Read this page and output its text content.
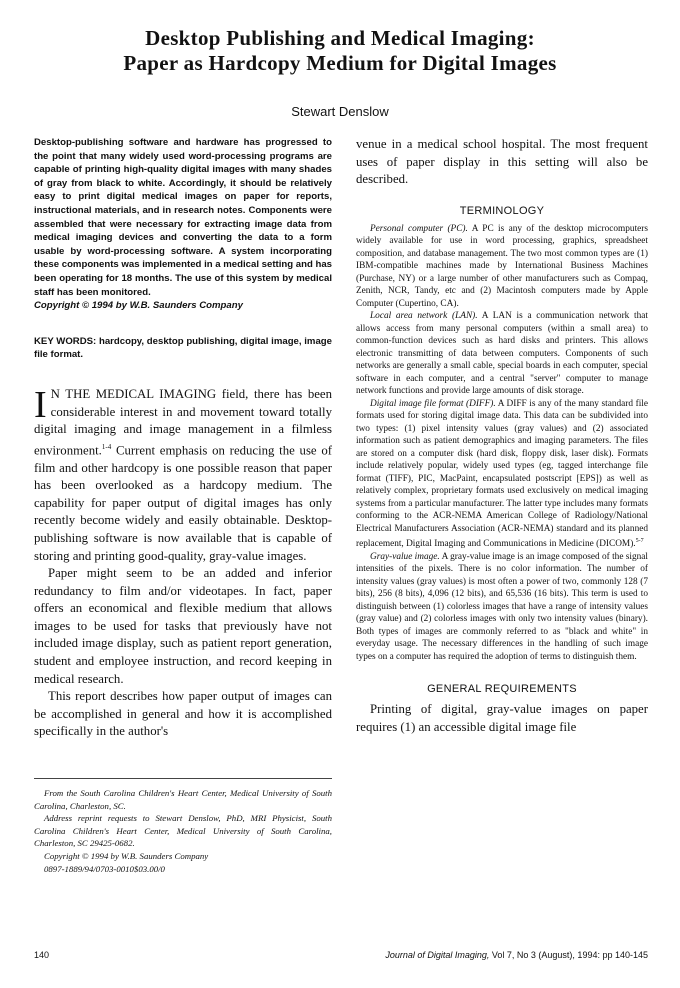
Desktop Publishing and Medical Imaging:
Paper as Hardcopy Medium for Digital Images
Stewart Denslow

Desktop-publishing software and hardware has progressed to the point that many widely used word-processing programs are capable of printing high-quality digital images with many shades of gray from black to white. Accordingly, it should be relatively easy to print digital medical images on paper for reports, instructional materials, and in research notes. Components were assembled that were necessary for extracting image data from medical imaging devices and converting the data to a form usable by word-processing software. A system incorporating these components was implemented in a medical setting and has been operating for 18 months. The use of this system by medical staff has been monitored.
Copyright © 1994 by W.B. Saunders Company

KEY WORDS: hardcopy, desktop publishing, digital image, image file format.

I N THE MEDICAL IMAGING field, there has been considerable interest in and movement toward totally digital imaging and image management in a filmless environment.$^{1-4}$ Current emphasis on reducing the use of film and other hardcopy is one possible reason that paper has been overlooked as a hardcopy medium. The capability for paper output of digital images has only recently become widely and easily obtainable. Desktop-publishing software is now available that is capable of storing and printing good-quality, gray-value images.

Paper might seem to be an added and inferior redundancy to film and/or videotapes. In fact, paper offers an economical and flexible medium that allows images to be used for tasks that previously have not included image display, such as patient report generation, student and employee instruction, and record keeping in medical research.

This report describes how paper output of images can be accomplished in general and how it is accomplished specifically in the author's

From the South Carolina Children's Heart Center, Medical University of South Carolina, Charleston, SC.

Address reprint requests to Stewart Denslow, PhD, MRI Physicist, South Carolina Children's Heart Center, Medical University of South Carolina, Charleston, SC 29425-0682.

Copyright © 1994 by W.B. Saunders Company

0897-1889/94/0703-0010$03.00/0

venue in a medical school hospital. The most frequent uses of paper display in this setting will also be described.

TERMINOLOGY

Personal computer (PC). A PC is any of the desktop microcomputers widely available for use in word processing, graphics, spreadsheet composition, and database management. The two most common types are (1) IBM-compatible machines made by International Business Machines (Purchase, NY) or a large number of other manufacturers such as Compaq, Zenith, NCR, Tandy, etc and (2) Macintosh computers made by Apple Computer (Cupertino, CA).

Local area network (LAN). A LAN is a communication network that allows access from many personal computers (within a small area) to common-function devices such as hard disks and printers. This allows electronic transmitting of data between computers. Components of such networks are generally a small cable, special boards in each computer, special software in each computer, and a central "server" computer to manage network functions and provide large amounts of disk storage.

Digital image file format (DIFF). A DIFF is any of the many standard file formats used for storing digital image data. This data can be subdivided into two types: (1) pixel intensity values (gray values) and (2) associated information such as patient demographics and imaging parameters. The files are stored on a computer disk (hard disk, floppy disk, laser disk). Formats include relatively popular, widely used types (eg, tagged interchange file format (TIFF), PIC, MacPaint, encapsulated postscript [EPS]) as well as relatively complex, proprietary formats used exclusively on medical imaging systems from a particular manufacturer. The latter type includes many formats conforming to the ACR-NEMA American College of Radiology/National Electrical Manufacturers Association (ACR-NEMA) standard and its planned replacement, Digital Imaging and Communications in Medicine (DICOM).$^{5-7}$

Gray-value image. A gray-value image is an image composed of the signal intensities of the pixels. There is no color information. The number of intensity values (gray values) is most often a power of two, commonly 128 (7 bits), 256 (8 bits), 4,096 (12 bits), and 65,536 (16 bits). This term is used to distinguish between (1) colorless images that have a range of intensity values (gray value) and (2) colorless images with only two intensity values (binary). Both types of images are commonly referred to as "black and white" in everyday usage. The necessary differences in the handling of such image types on a computer has required the adoption of terms to distinguish them.

GENERAL REQUIREMENTS

Printing of digital, gray-value images on paper requires (1) an accessible digital image file

140	Journal of Digital Imaging, Vol 7, No 3 (August), 1994: pp 140-145
